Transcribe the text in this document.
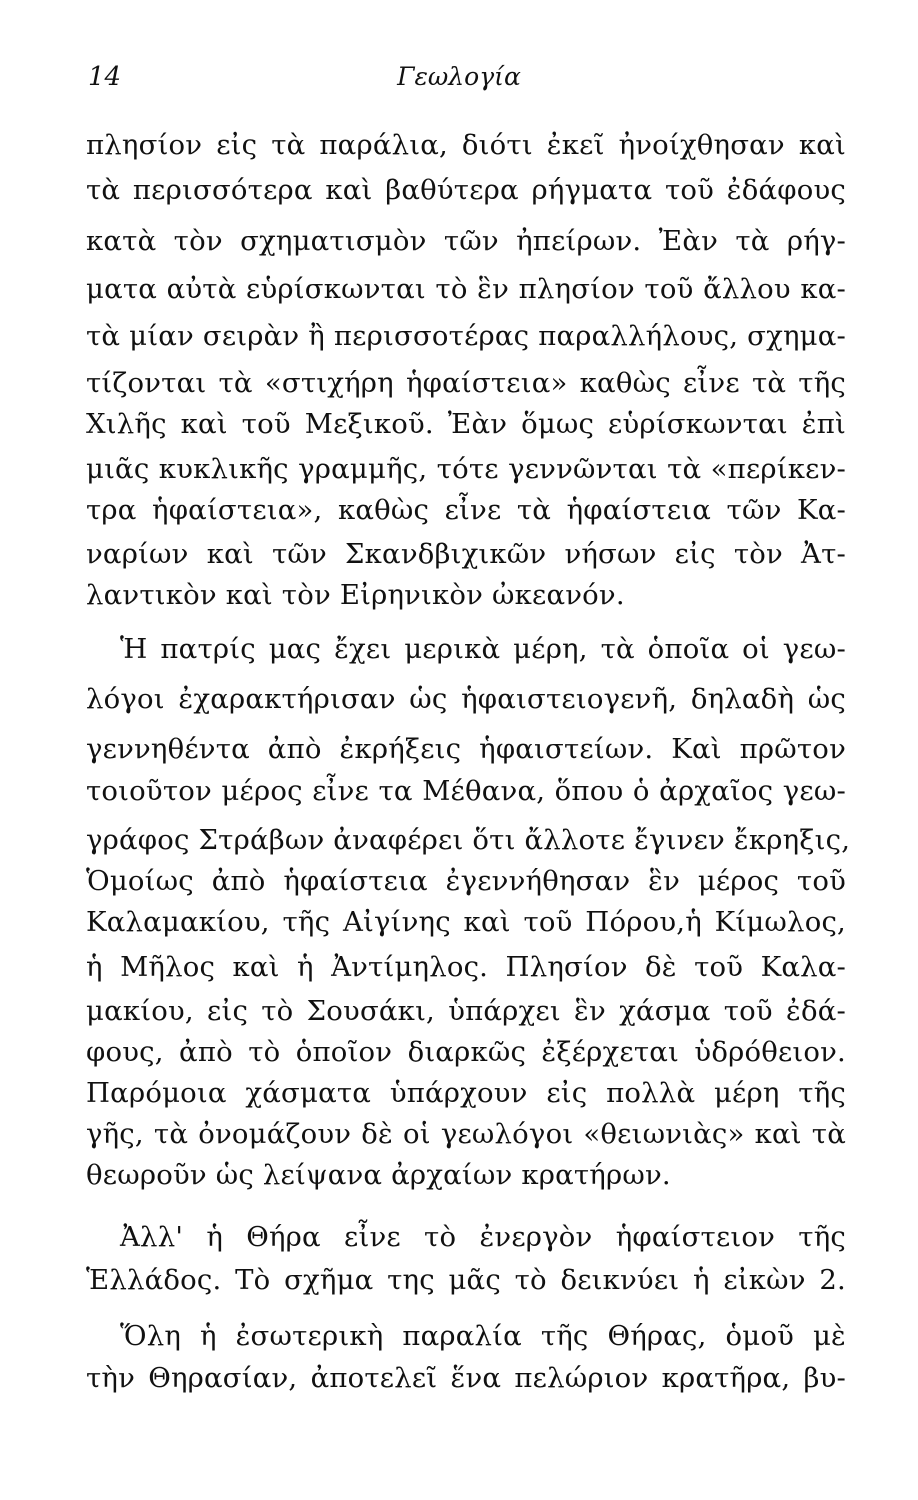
14	Γεωλογία
πλησίον εἰς τὰ παράλια, διότι ἐκεῖ ἠνοίχθησαν καὶ
τὰ περισσότερα καὶ βαθύτερα ρήγματα τοῦ ἐδάφους
κατὰ τὸν σχηματισμὸν τῶν ἠπείρων. Ἐὰν τὰ ρήγ-
ματα αὐτὰ εὑρίσκωνται τὸ ἓν πλησίον τοῦ ἄλλου κα-
τὰ μίαν σειρὰν ἢ περισσοτέρας παραλλήλους, σχημα-
τίζονται τὰ «στιχήρη ἡφαίστεια» καθὼς εἶνε τὰ τῆς
Χιλῆς καὶ τοῦ Μεξικοῦ. Ἐὰν ὅμως εὑρίσκωνται ἐπὶ
μιᾶς κυκλικῆς γραμμῆς, τότε γεννῶνται τὰ «περίκεν-
τρα ἡφαίστεια», καθὼς εἶνε τὰ ἡφαίστεια τῶν Κα-
ναρίων καὶ τῶν Σκανδβιχικῶν νήσων εἰς τὸν Ἀτ-
λαντικὸν καὶ τὸν Εἰρηνικὸν ὠκεανόν.
Ἡ πατρίς μας ἔχει μερικὰ μέρη, τὰ ὁποῖα οἱ γεω-
λόγοι ἐχαρακτήρισαν ὡς ἡφαιστειογενῆ, δηλαδὴ ὡς
γεννηθέντα ἀπὸ ἐκρήξεις ἡφαιστείων. Καὶ πρῶτον
τοιοῦτον μέρος εἶνε τα Μέθανα, ὅπου ὁ ἀρχαῖος γεω-
γράφος Στράβων ἀναφέρει ὅτι ἄλλοτε ἔγινεν ἔκρηξις,
Ὁμοίως ἀπὸ ἡφαίστεια ἐγεννήθησαν ἓν μέρος τοῦ
Καλαμακίου, τῆς Αἰγίνης καὶ τοῦ Πόρου,ἡ Κίμωλος,
ἡ Μῆλος καὶ ἡ Ἀντίμηλος. Πλησίον δὲ τοῦ Καλα-
μακίου, εἰς τὸ Σουσάκι, ὑπάρχει ἓν χάσμα τοῦ ἐδά-
φους, ἀπὸ τὸ ὁποῖον διαρκῶς ἐξέρχεται ὑδρόθειον.
Παρόμοια χάσματα ὑπάρχουν εἰς πολλὰ μέρη τῆς
γῆς, τὰ ὀνομάζουν δὲ οἱ γεωλόγοι «θειωνιὰς» καὶ τὰ
θεωροῦν ὡς λείψανα ἀρχαίων κρατήρων.
Ἀλλ' ἡ Θήρα εἶνε τὸ ἐνεργὸν ἡφαίστειον τῆς
Ἑλλάδος. Τὸ σχῆμα της μᾶς τὸ δεικνύει ἡ εἰκὼν 2.
Ὅλη ἡ ἐσωτερικὴ παραλία τῆς Θήρας, ὁμοῦ μὲ
τὴν Θηρασίαν, ἀποτελεῖ ἕνα πελώριον κρατῆρα, βυ-
